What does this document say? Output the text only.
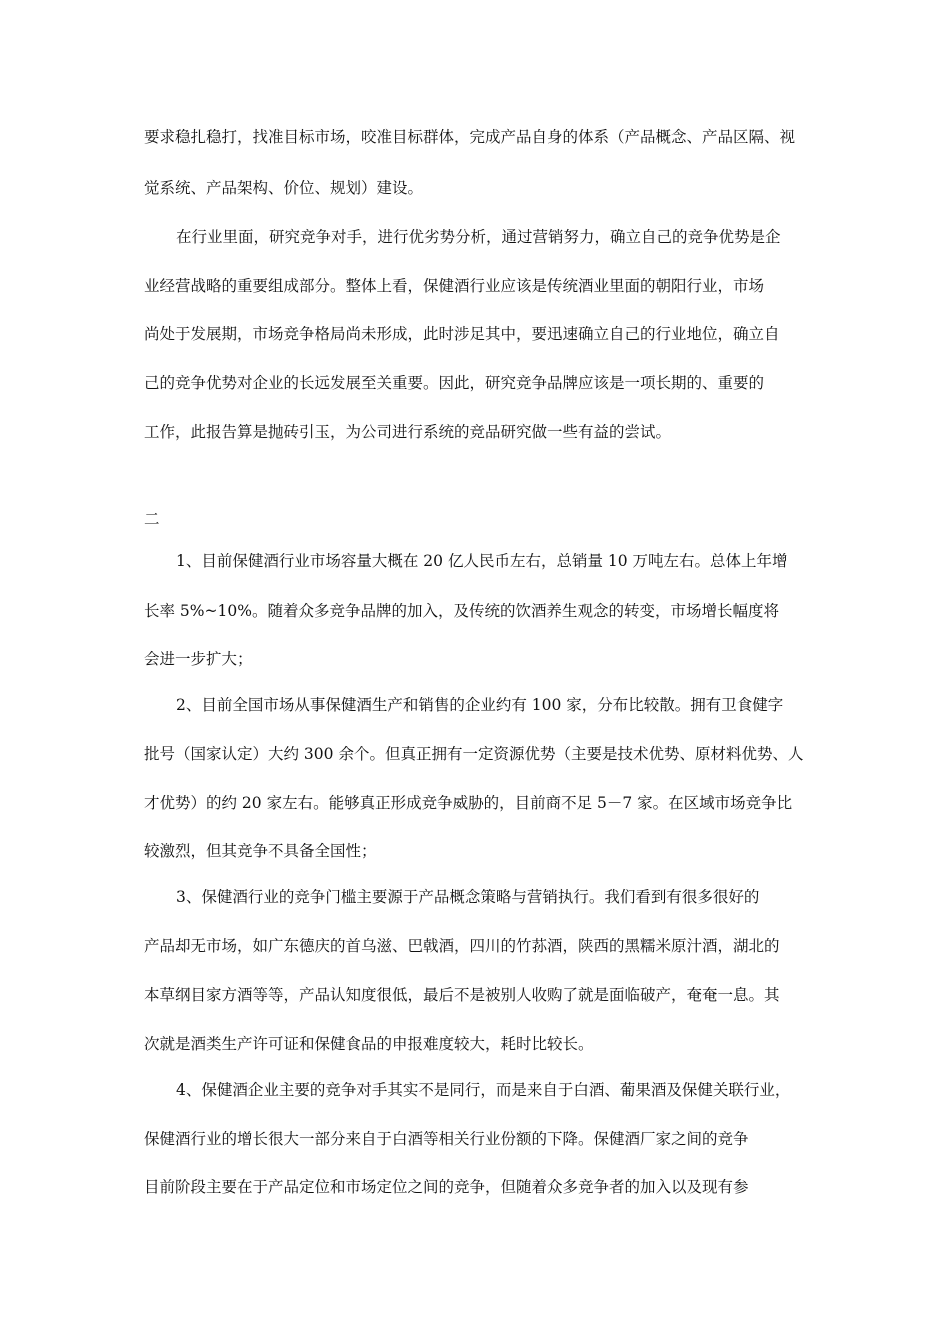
要求稳扎稳打，找准目标市场，咬准目标群体，完成产品自身的体系（产品概念、产品区隔、视

觉系统、产品架构、价位、规划）建设。

在行业里面，研究竞争对手，进行优劣势分析，通过营销努力，确立自己的竞争优势是企

业经营战略的重要组成部分。整体上看，保健酒行业应该是传统酒业里面的朝阳行业，市场

尚处于发展期，市场竞争格局尚未形成，此时涉足其中，要迅速确立自己的行业地位，确立自

己的竞争优势对企业的长远发展至关重要。因此，研究竞争品牌应该是一项长期的、重要的

工作，此报告算是抛砖引玉，为公司进行系统的竞品研究做一些有益的尝试。

二

1、目前保健酒行业市场容量大概在 20 亿人民币左右，总销量 10 万吨左右。总体上年增

长率 5%~10%。随着众多竞争品牌的加入，及传统的饮酒养生观念的转变，市场增长幅度将

会进一步扩大；

2、目前全国市场从事保健酒生产和销售的企业约有 100 家，分布比较散。拥有卫食健字

批号（国家认定）大约 300 余个。但真正拥有一定资源优势（主要是技术优势、原材料优势、人

才优势）的约 20 家左右。能够真正形成竞争威胁的，目前商不足 5－7 家。在区域市场竞争比

较激烈，但其竞争不具备全国性；

3、保健酒行业的竞争门槛主要源于产品概念策略与营销执行。我们看到有很多很好的

产品却无市场，如广东德庆的首乌滋、巴戟酒，四川的竹荪酒，陕西的黑糯米原汁酒，湖北的

本草纲目家方酒等等，产品认知度很低，最后不是被别人收购了就是面临破产，奄奄一息。其

次就是酒类生产许可证和保健食品的申报难度较大，耗时比较长。

4、保健酒企业主要的竞争对手其实不是同行，而是来自于白酒、葡果酒及保健关联行业，

保健酒行业的增长很大一部分来自于白酒等相关行业份额的下降。保健酒厂家之间的竞争

目前阶段主要在于产品定位和市场定位之间的竞争，但随着众多竞争者的加入以及现有参
